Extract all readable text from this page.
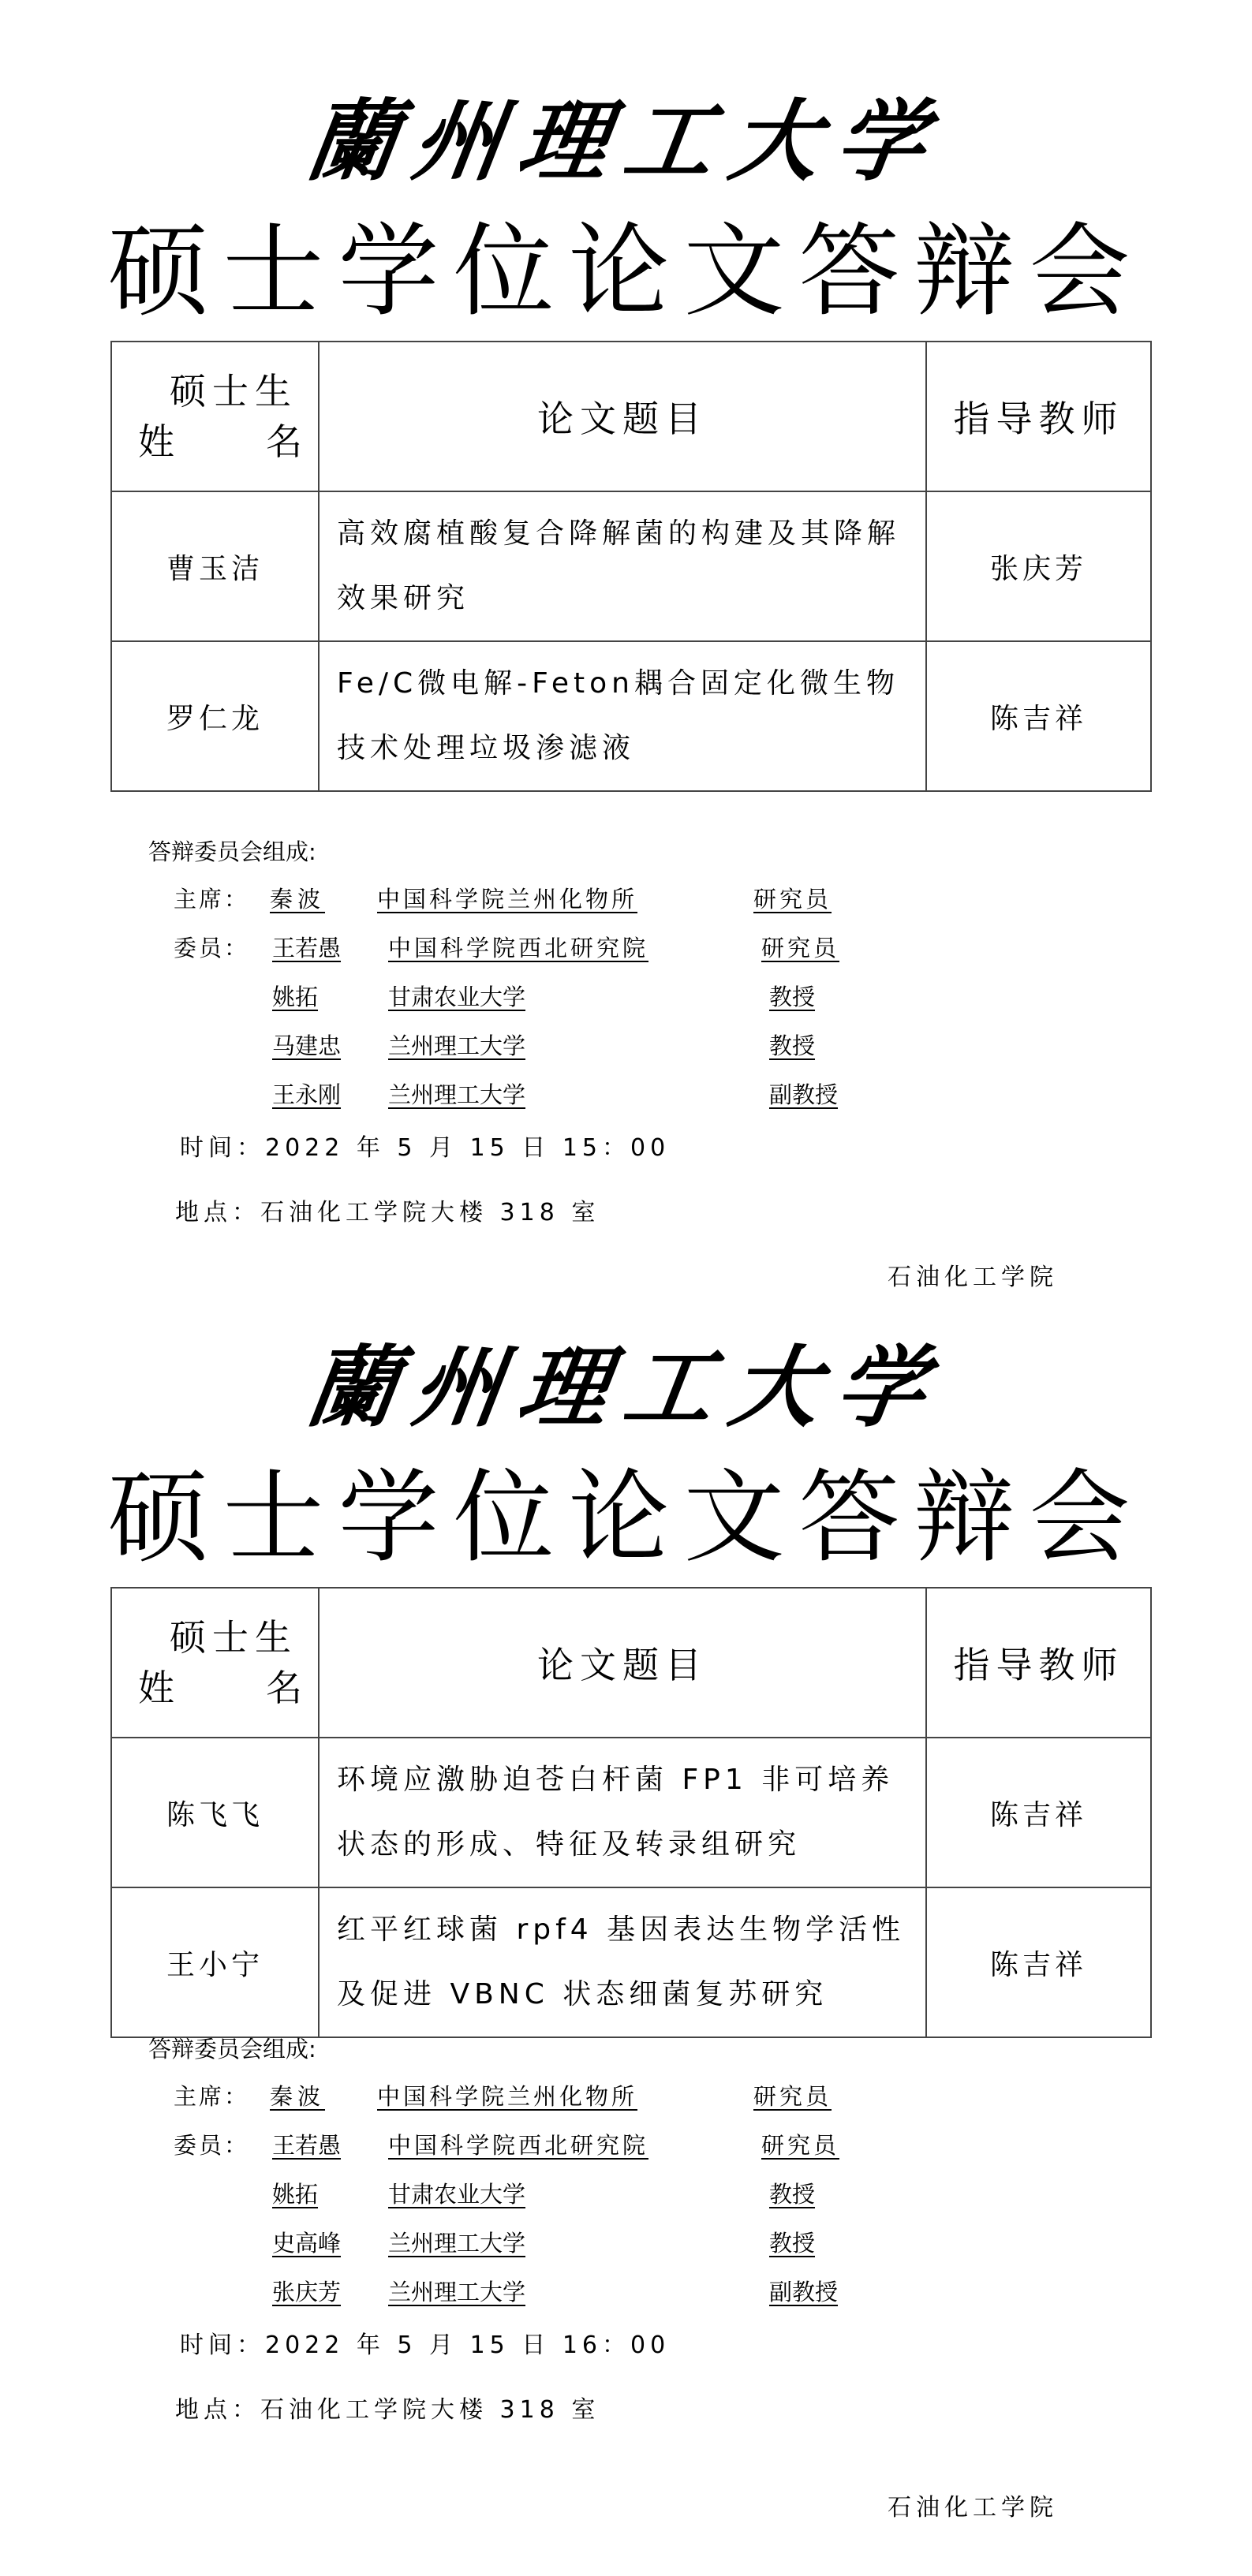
蘭州理工大学
硕士学位论文答辩会
硕士生
姓　　名	论文题目	指导教师
曹玉洁	高效腐植酸复合降解菌的构建及其降解效果研究	张庆芳
罗仁龙	Fe/C微电解-Feton耦合固定化微生物技术处理垃圾渗滤液	陈吉祥
答辩委员会组成:
主席： 秦波 中国科学院兰州化物所	研究员
委员： 王若愚 中国科学院西北研究院	研究员
姚拓	甘肃农业大学	教授
马建忠 兰州理工大学	教授
王永刚 兰州理工大学	副教授
时间：2022 年 5 月 15 日 15：00
地点：石油化工学院大楼 318 室
石油化工学院
蘭州理工大学
硕士学位论文答辩会
硕士生
姓　　名	论文题目	指导教师
陈飞飞	环境应激胁迫苍白杆菌 FP1 非可培养状态的形成、特征及转录组研究	陈吉祥
王小宁	红平红球菌 rpf4 基因表达生物学活性及促进 VBNC 状态细菌复苏研究	陈吉祥
答辩委员会组成:
主席： 秦波 中国科学院兰州化物所	研究员
委员： 王若愚 中国科学院西北研究院	研究员
姚拓	甘肃农业大学	教授
史高峰 兰州理工大学	教授
张庆芳 兰州理工大学	副教授
时间：2022 年 5 月 15 日 16：00
地点：石油化工学院大楼 318 室
石油化工学院
